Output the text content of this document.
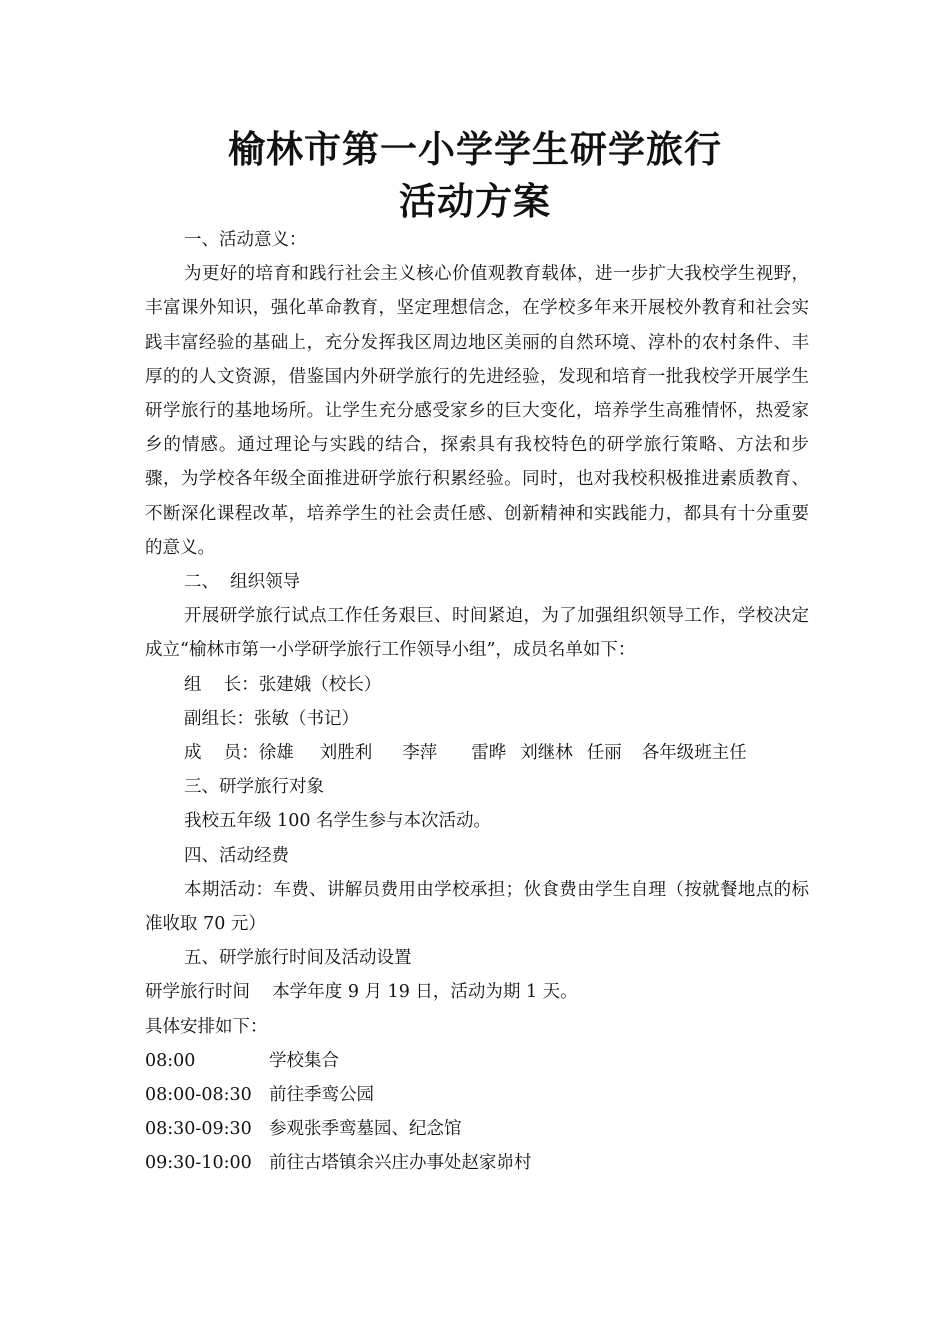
榆林市第一小学学生研学旅行
活动方案

一、活动意义：

为更好的培育和践行社会主义核心价值观教育载体，进一步扩大我校学生视野，丰富课外知识，强化革命教育，坚定理想信念，在学校多年来开展校外教育和社会实践丰富经验的基础上，充分发挥我区周边地区美丽的自然环境、淳朴的农村条件、丰厚的的人文资源，借鉴国内外研学旅行的先进经验，发现和培育一批我校学开展学生研学旅行的基地场所。让学生充分感受家乡的巨大变化，培养学生高雅情怀，热爱家乡的情感。通过理论与实践的结合，探索具有我校特色的研学旅行策略、方法和步骤，为学校各年级全面推进研学旅行积累经验。同时，也对我校积极推进素质教育、不断深化课程改革，培养学生的社会责任感、创新精神和实践能力，都具有十分重要的意义。

二、  组织领导

开展研学旅行试点工作任务艰巨、时间紧迫，为了加强组织领导工作，学校决定成立“榆林市第一小学研学旅行工作领导小组”，成员名单如下：

组    长：张建娥（校长）

副组长：张敏（书记）

成    员：徐雄 刘胜利 李萍 雷晔 刘继林 任丽 各年级班主任

三、研学旅行对象

我校五年级 100 名学生参与本次活动。

四、活动经费

本期活动：车费、讲解员费用由学校承担；伙食费由学生自理（按就餐地点的标准收取 70 元）

五、研学旅行时间及活动设置

研学旅行时间    本学年度 9 月 19 日，活动为期 1 天。

具体安排如下：

08:00	学校集合
08:00-08:30 前往季鸾公园
08:30-09:30 参观张季鸾墓园、纪念馆
09:30-10:00 前往古塔镇余兴庄办事处赵家峁村
